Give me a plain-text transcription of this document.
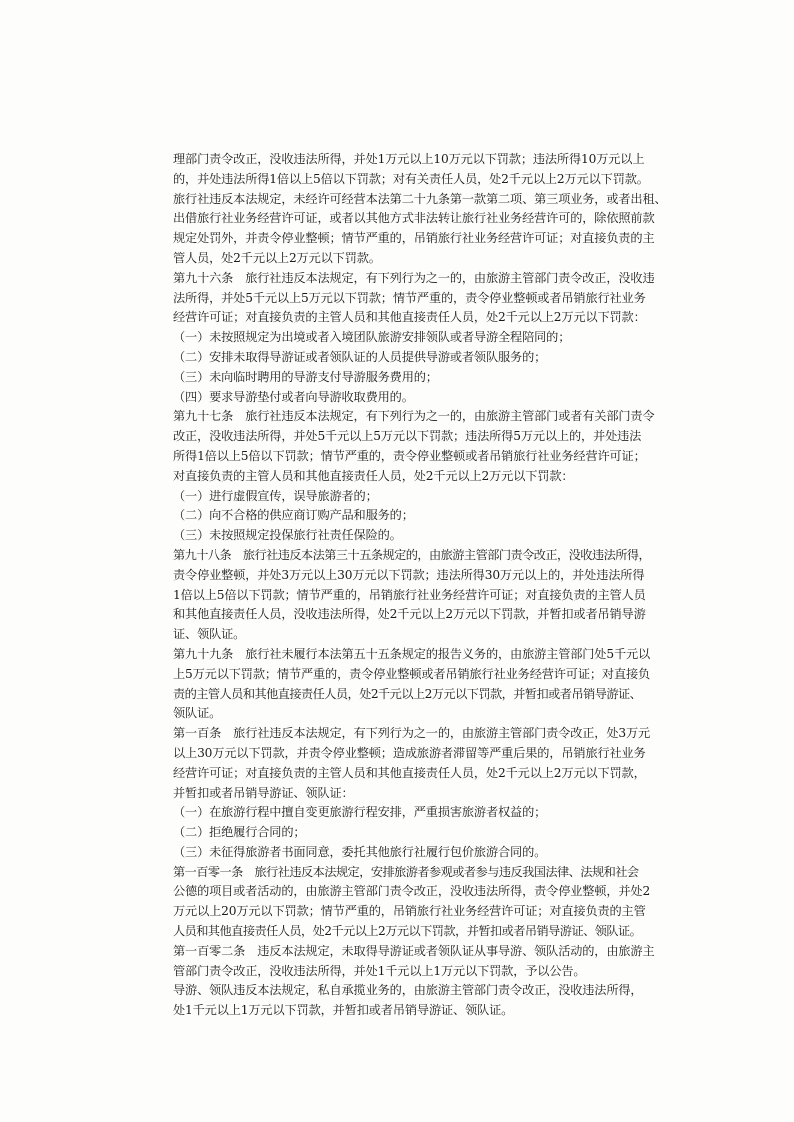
理部门责令改正，没收违法所得，并处1万元以上10万元以下罚款；违法所得10万元以上
的，并处违法所得1倍以上5倍以下罚款；对有关责任人员，处2千元以上2万元以下罚款。
旅行社违反本法规定，未经许可经营本法第二十九条第一款第二项、第三项业务，或者出租、
出借旅行社业务经营许可证，或者以其他方式非法转让旅行社业务经营许可的，除依照前款
规定处罚外，并责令停业整顿；情节严重的，吊销旅行社业务经营许可证；对直接负责的主
管人员，处2千元以上2万元以下罚款。
第九十六条　旅行社违反本法规定，有下列行为之一的，由旅游主管部门责令改正，没收违
法所得，并处5千元以上5万元以下罚款；情节严重的，责令停业整顿或者吊销旅行社业务
经营许可证；对直接负责的主管人员和其他直接责任人员，处2千元以上2万元以下罚款：
（一）未按照规定为出境或者入境团队旅游安排领队或者导游全程陪同的；
（二）安排未取得导游证或者领队证的人员提供导游或者领队服务的；
（三）未向临时聘用的导游支付导游服务费用的；
（四）要求导游垫付或者向导游收取费用的。
第九十七条　旅行社违反本法规定，有下列行为之一的，由旅游主管部门或者有关部门责令
改正，没收违法所得，并处5千元以上5万元以下罚款；违法所得5万元以上的，并处违法
所得1倍以上5倍以下罚款；情节严重的，责令停业整顿或者吊销旅行社业务经营许可证；
对直接负责的主管人员和其他直接责任人员，处2千元以上2万元以下罚款：
（一）进行虚假宣传，误导旅游者的；
（二）向不合格的供应商订购产品和服务的；
（三）未按照规定投保旅行社责任保险的。
第九十八条　旅行社违反本法第三十五条规定的，由旅游主管部门责令改正，没收违法所得，
责令停业整顿，并处3万元以上30万元以下罚款；违法所得30万元以上的，并处违法所得
1倍以上5倍以下罚款；情节严重的，吊销旅行社业务经营许可证；对直接负责的主管人员
和其他直接责任人员，没收违法所得，处2千元以上2万元以下罚款，并暂扣或者吊销导游
证、领队证。
第九十九条　旅行社未履行本法第五十五条规定的报告义务的，由旅游主管部门处5千元以
上5万元以下罚款；情节严重的，责令停业整顿或者吊销旅行社业务经营许可证；对直接负
责的主管人员和其他直接责任人员，处2千元以上2万元以下罚款，并暂扣或者吊销导游证、
领队证。
第一百条　旅行社违反本法规定，有下列行为之一的，由旅游主管部门责令改正，处3万元
以上30万元以下罚款，并责令停业整顿；造成旅游者滞留等严重后果的，吊销旅行社业务
经营许可证；对直接负责的主管人员和其他直接责任人员，处2千元以上2万元以下罚款，
并暂扣或者吊销导游证、领队证：
（一）在旅游行程中擅自变更旅游行程安排，严重损害旅游者权益的；
（二）拒绝履行合同的；
（三）未征得旅游者书面同意，委托其他旅行社履行包价旅游合同的。
第一百零一条　旅行社违反本法规定，安排旅游者参观或者参与违反我国法律、法规和社会
公德的项目或者活动的，由旅游主管部门责令改正，没收违法所得，责令停业整顿，并处2
万元以上20万元以下罚款；情节严重的，吊销旅行社业务经营许可证；对直接负责的主管
人员和其他直接责任人员，处2千元以上2万元以下罚款，并暂扣或者吊销导游证、领队证。
第一百零二条　违反本法规定，未取得导游证或者领队证从事导游、领队活动的，由旅游主
管部门责令改正，没收违法所得，并处1千元以上1万元以下罚款，予以公告。
导游、领队违反本法规定，私自承揽业务的，由旅游主管部门责令改正，没收违法所得，
处1千元以上1万元以下罚款，并暂扣或者吊销导游证、领队证。
